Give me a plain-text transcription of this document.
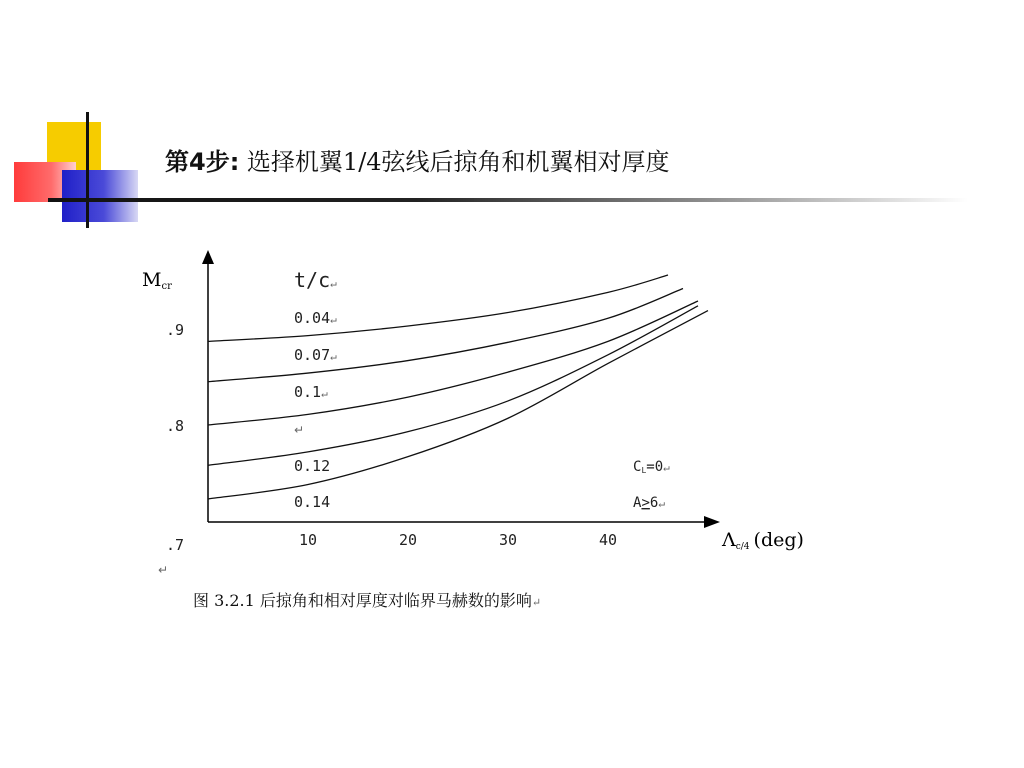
第4步: 选择机翼1/4弦线后掠角和机翼相对厚度
Mcr
Λc/4 (deg)
.9
.8
.7	10	20	30	40
t/c↵
0.04↵
0.07↵
0.1↵
0.12
0.14
CL=0↵
A>6↵
↵
↵

图 3.2.1 后掠角和相对厚度对临界马赫数的影响↵
